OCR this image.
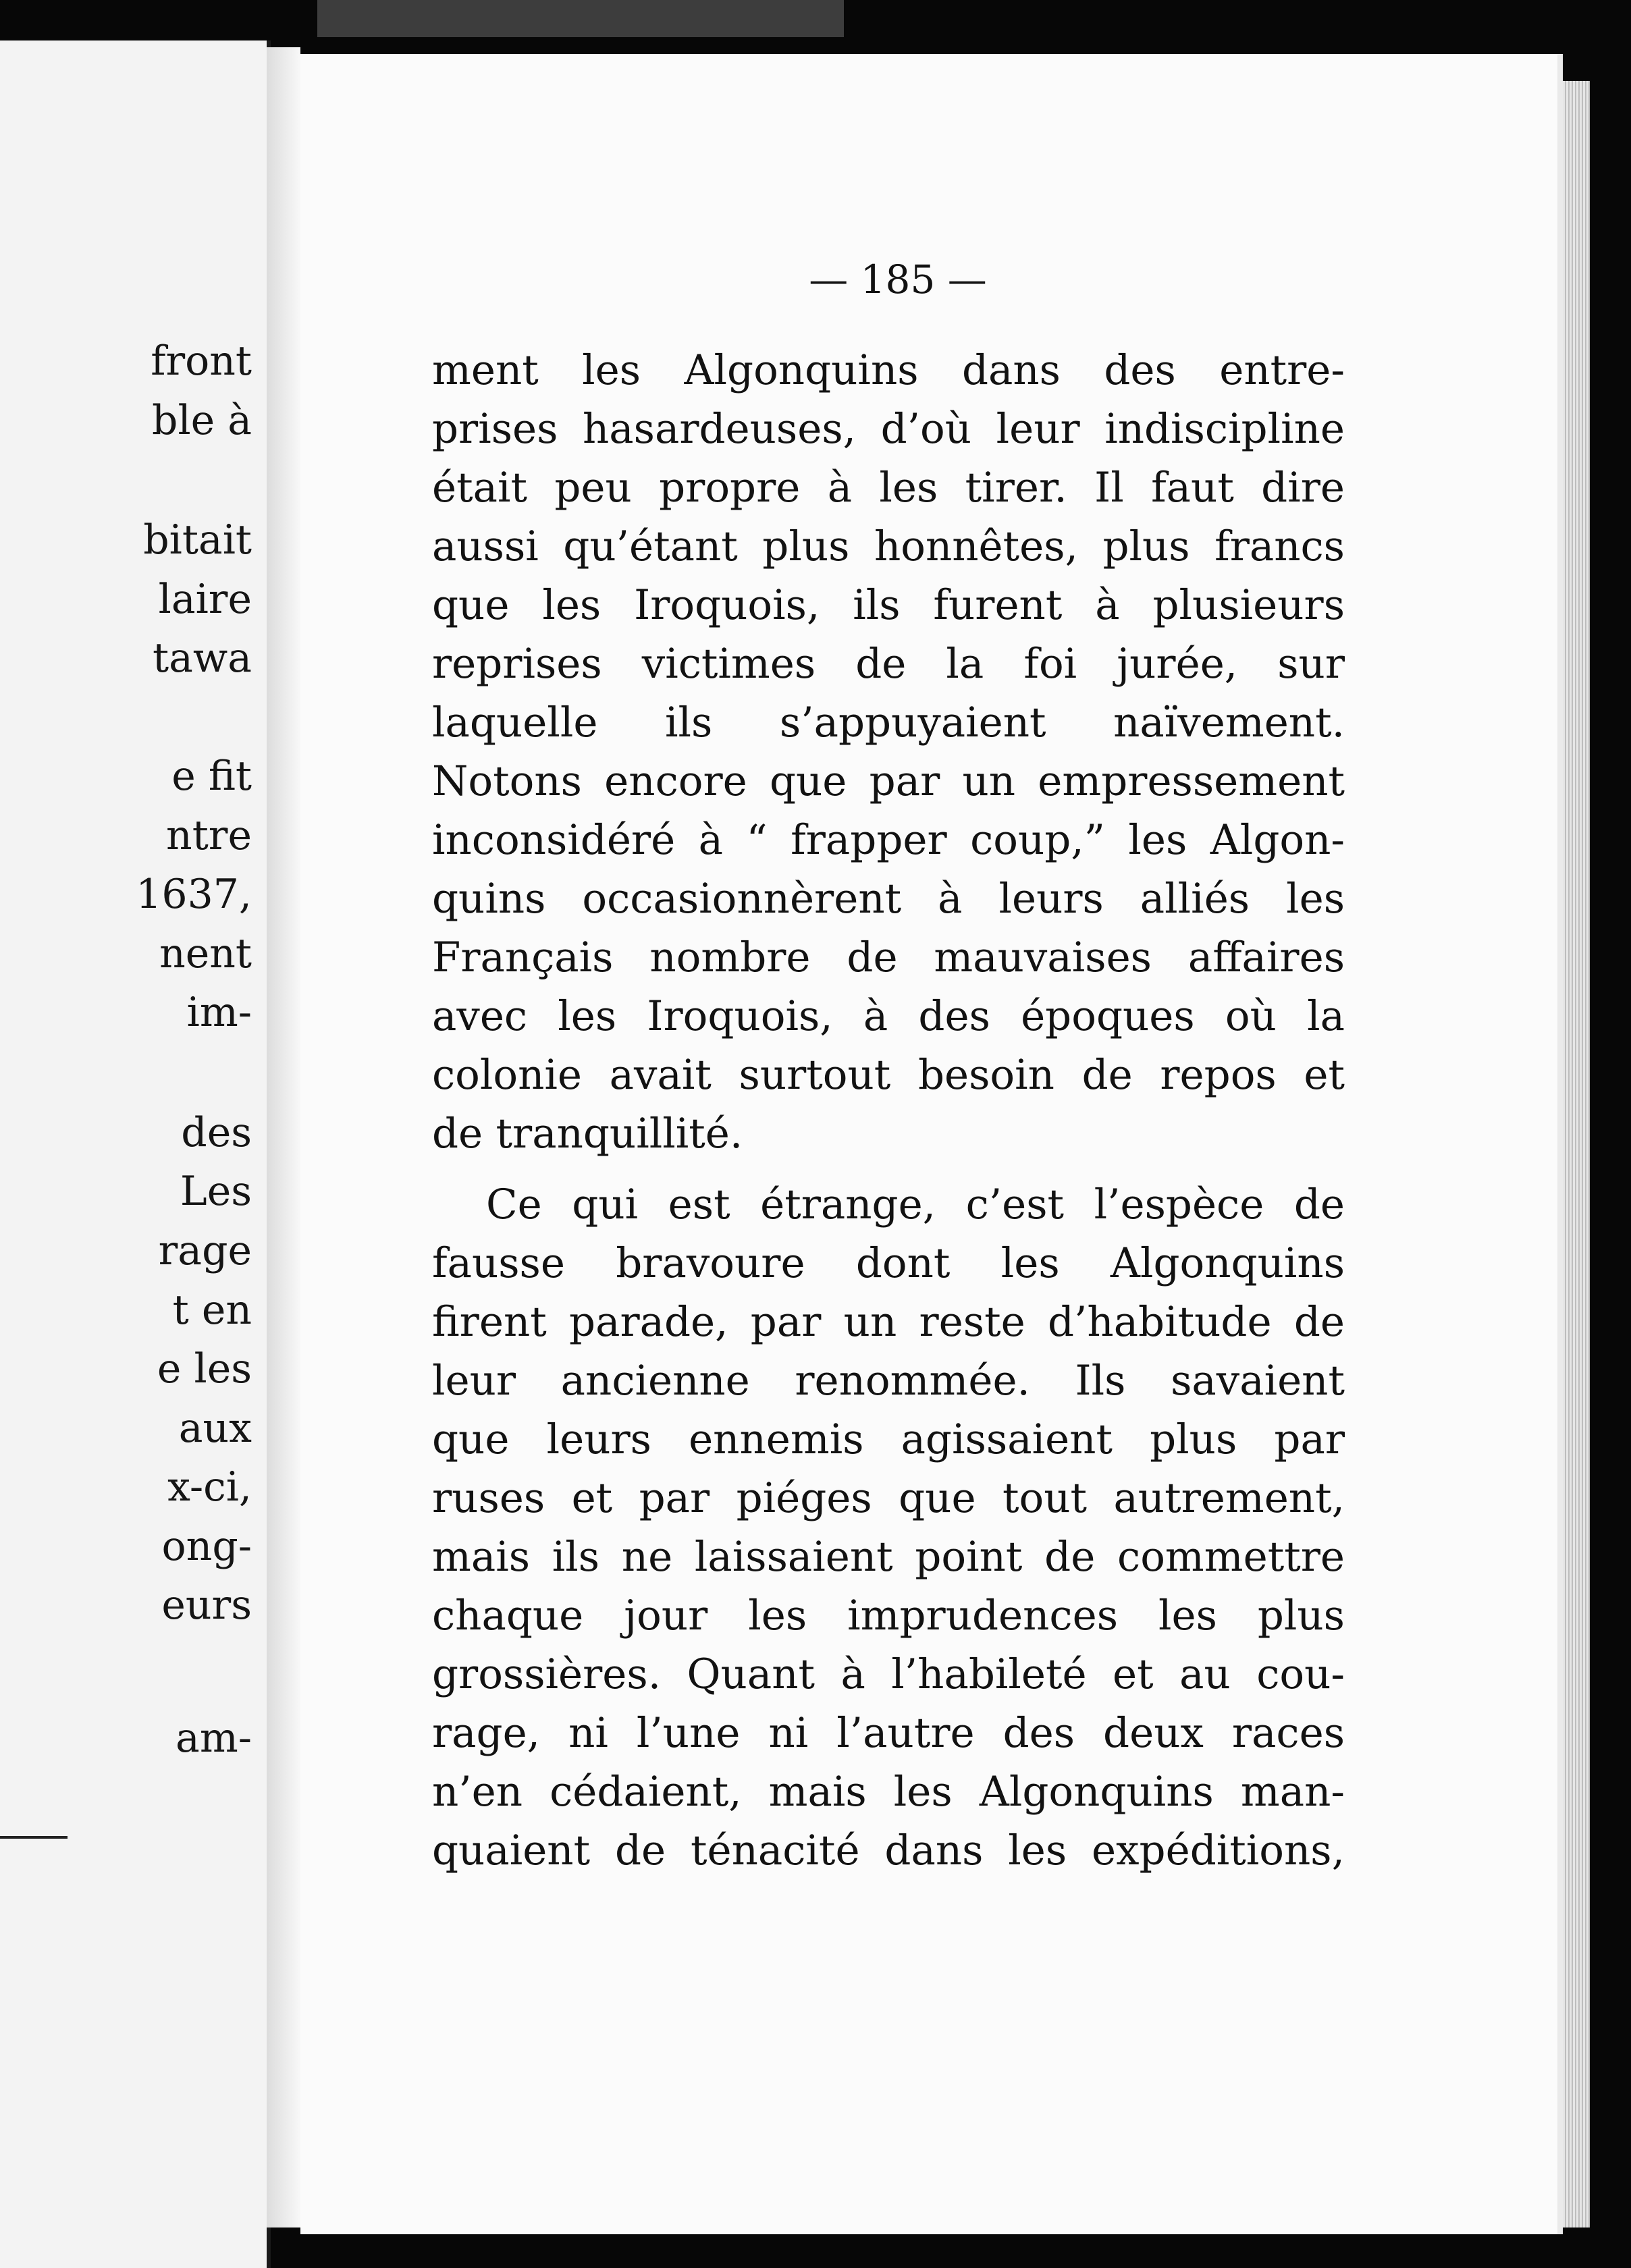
front
ble à
bitait
laire
tawa
e fit
ntre
1637,
nent
im-
des
Les
rage
t en
e les
aux
x-ci,
ong-
eurs
am-
— 185 —
ment les Algonquins dans des entre-
prises hasardeuses, d’où leur indiscipline
était peu propre à les tirer. Il faut dire
aussi qu’étant plus honnêtes, plus francs
que les Iroquois, ils furent à plusieurs
reprises victimes de la foi jurée, sur
laquelle ils s’appuyaient naïvement.
Notons encore que par un empressement
inconsidéré à “ frapper coup,” les Algon-
quins occasionnèrent à leurs alliés les
Français nombre de mauvaises affaires
avec les Iroquois, à des époques où la
colonie avait surtout besoin de repos et
de tranquillité.
Ce qui est étrange, c’est l’espèce de
fausse bravoure dont les Algonquins
firent parade, par un reste d’habitude de
leur ancienne renommée. Ils savaient
que leurs ennemis agissaient plus par
ruses et par piéges que tout autrement,
mais ils ne laissaient point de commettre
chaque jour les imprudences les plus
grossières. Quant à l’habileté et au cou-
rage, ni l’une ni l’autre des deux races
n’en cédaient, mais les Algonquins man-
quaient de ténacité dans les expéditions,
